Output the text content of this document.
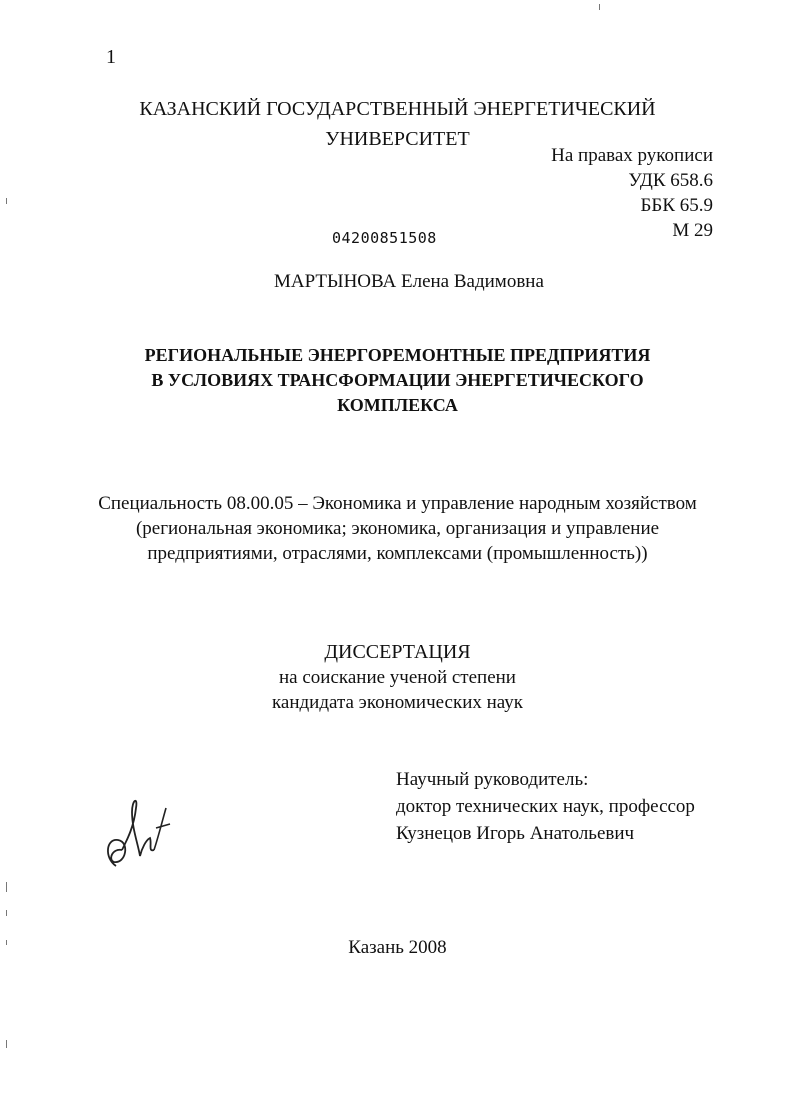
1
КАЗАНСКИЙ ГОСУДАРСТВЕННЫЙ ЭНЕРГЕТИЧЕСКИЙ
УНИВЕРСИТЕТ
На правах рукописи
УДК 658.6
ББК 65.9
М 29
04200851508
МАРТЫНОВА Елена Вадимовна
РЕГИОНАЛЬНЫЕ ЭНЕРГОРЕМОНТНЫЕ ПРЕДПРИЯТИЯ
В УСЛОВИЯХ ТРАНСФОРМАЦИИ ЭНЕРГЕТИЧЕСКОГО
КОМПЛЕКСА
Специальность 08.00.05 – Экономика и управление народным хозяйством
(региональная экономика; экономика, организация и управление
предприятиями, отраслями, комплексами (промышленность))
ДИССЕРТАЦИЯ
на соискание ученой степени
кандидата экономических наук
Научный руководитель:
доктор технических наук, профессор
Кузнецов Игорь Анатольевич
Казань 2008
